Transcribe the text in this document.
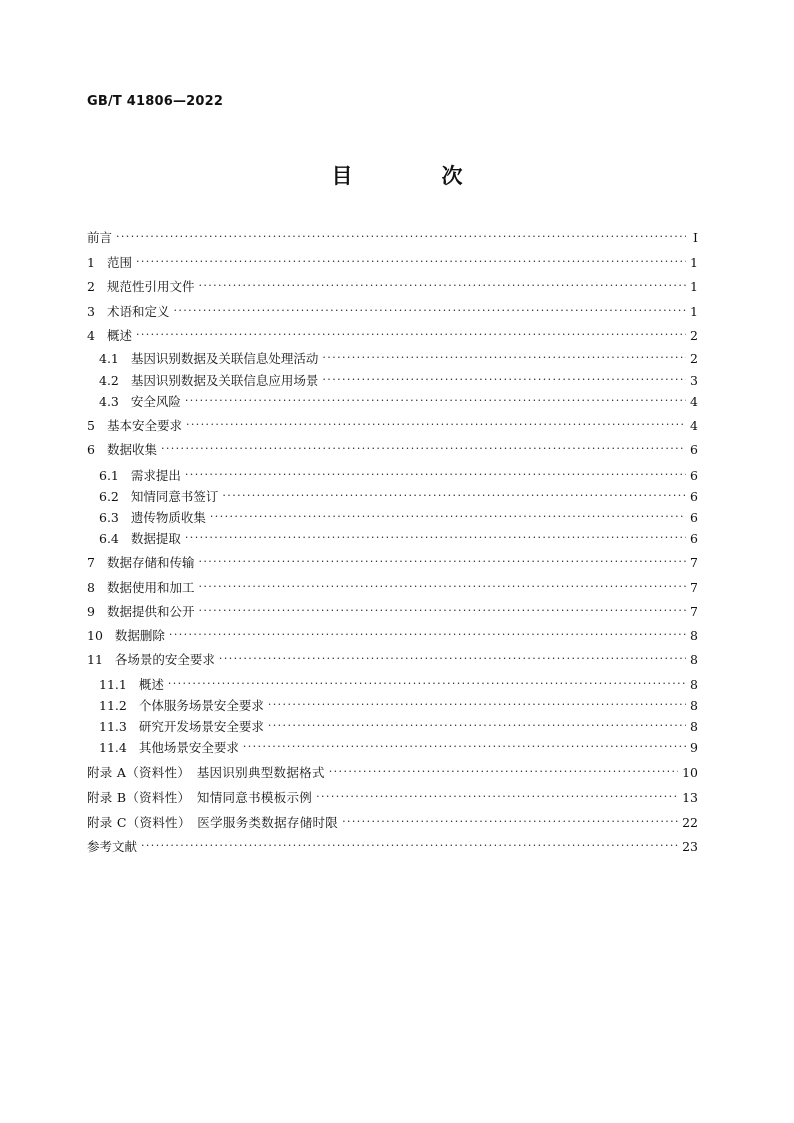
GB/T 41806—2022
目　次
前言 ·····	Ⅰ
1 范围 ·····	1
2 规范性引用文件 ·····	1
3 术语和定义 ·····	1
4 概述 ·····	2
4.1 基因识别数据及关联信息处理活动 ·····	2
4.2 基因识别数据及关联信息应用场景 ·····	3
4.3 安全风险 ·····	4
5 基本安全要求 ·····	4
6 数据收集 ·····	6
6.1 需求提出 ·····	6
6.2 知情同意书签订 ·····	6
6.3 遗传物质收集 ·····	6
6.4 数据提取 ·····	6
7 数据存储和传输 ·····	7
8 数据使用和加工 ·····	7
9 数据提供和公开 ·····	7
10 数据删除 ·····	8
11 各场景的安全要求 ·····	8
11.1 概述 ·····	8
11.2 个体服务场景安全要求 ·····	8
11.3 研究开发场景安全要求 ·····	8
11.4 其他场景安全要求 ·····	9
附录 A（资料性）　基因识别典型数据格式 ·····	10
附录 B（资料性）　知情同意书模板示例 ·····	13
附录 C（资料性）　医学服务类数据存储时限 ·····	22
参考文献 ·····	23
